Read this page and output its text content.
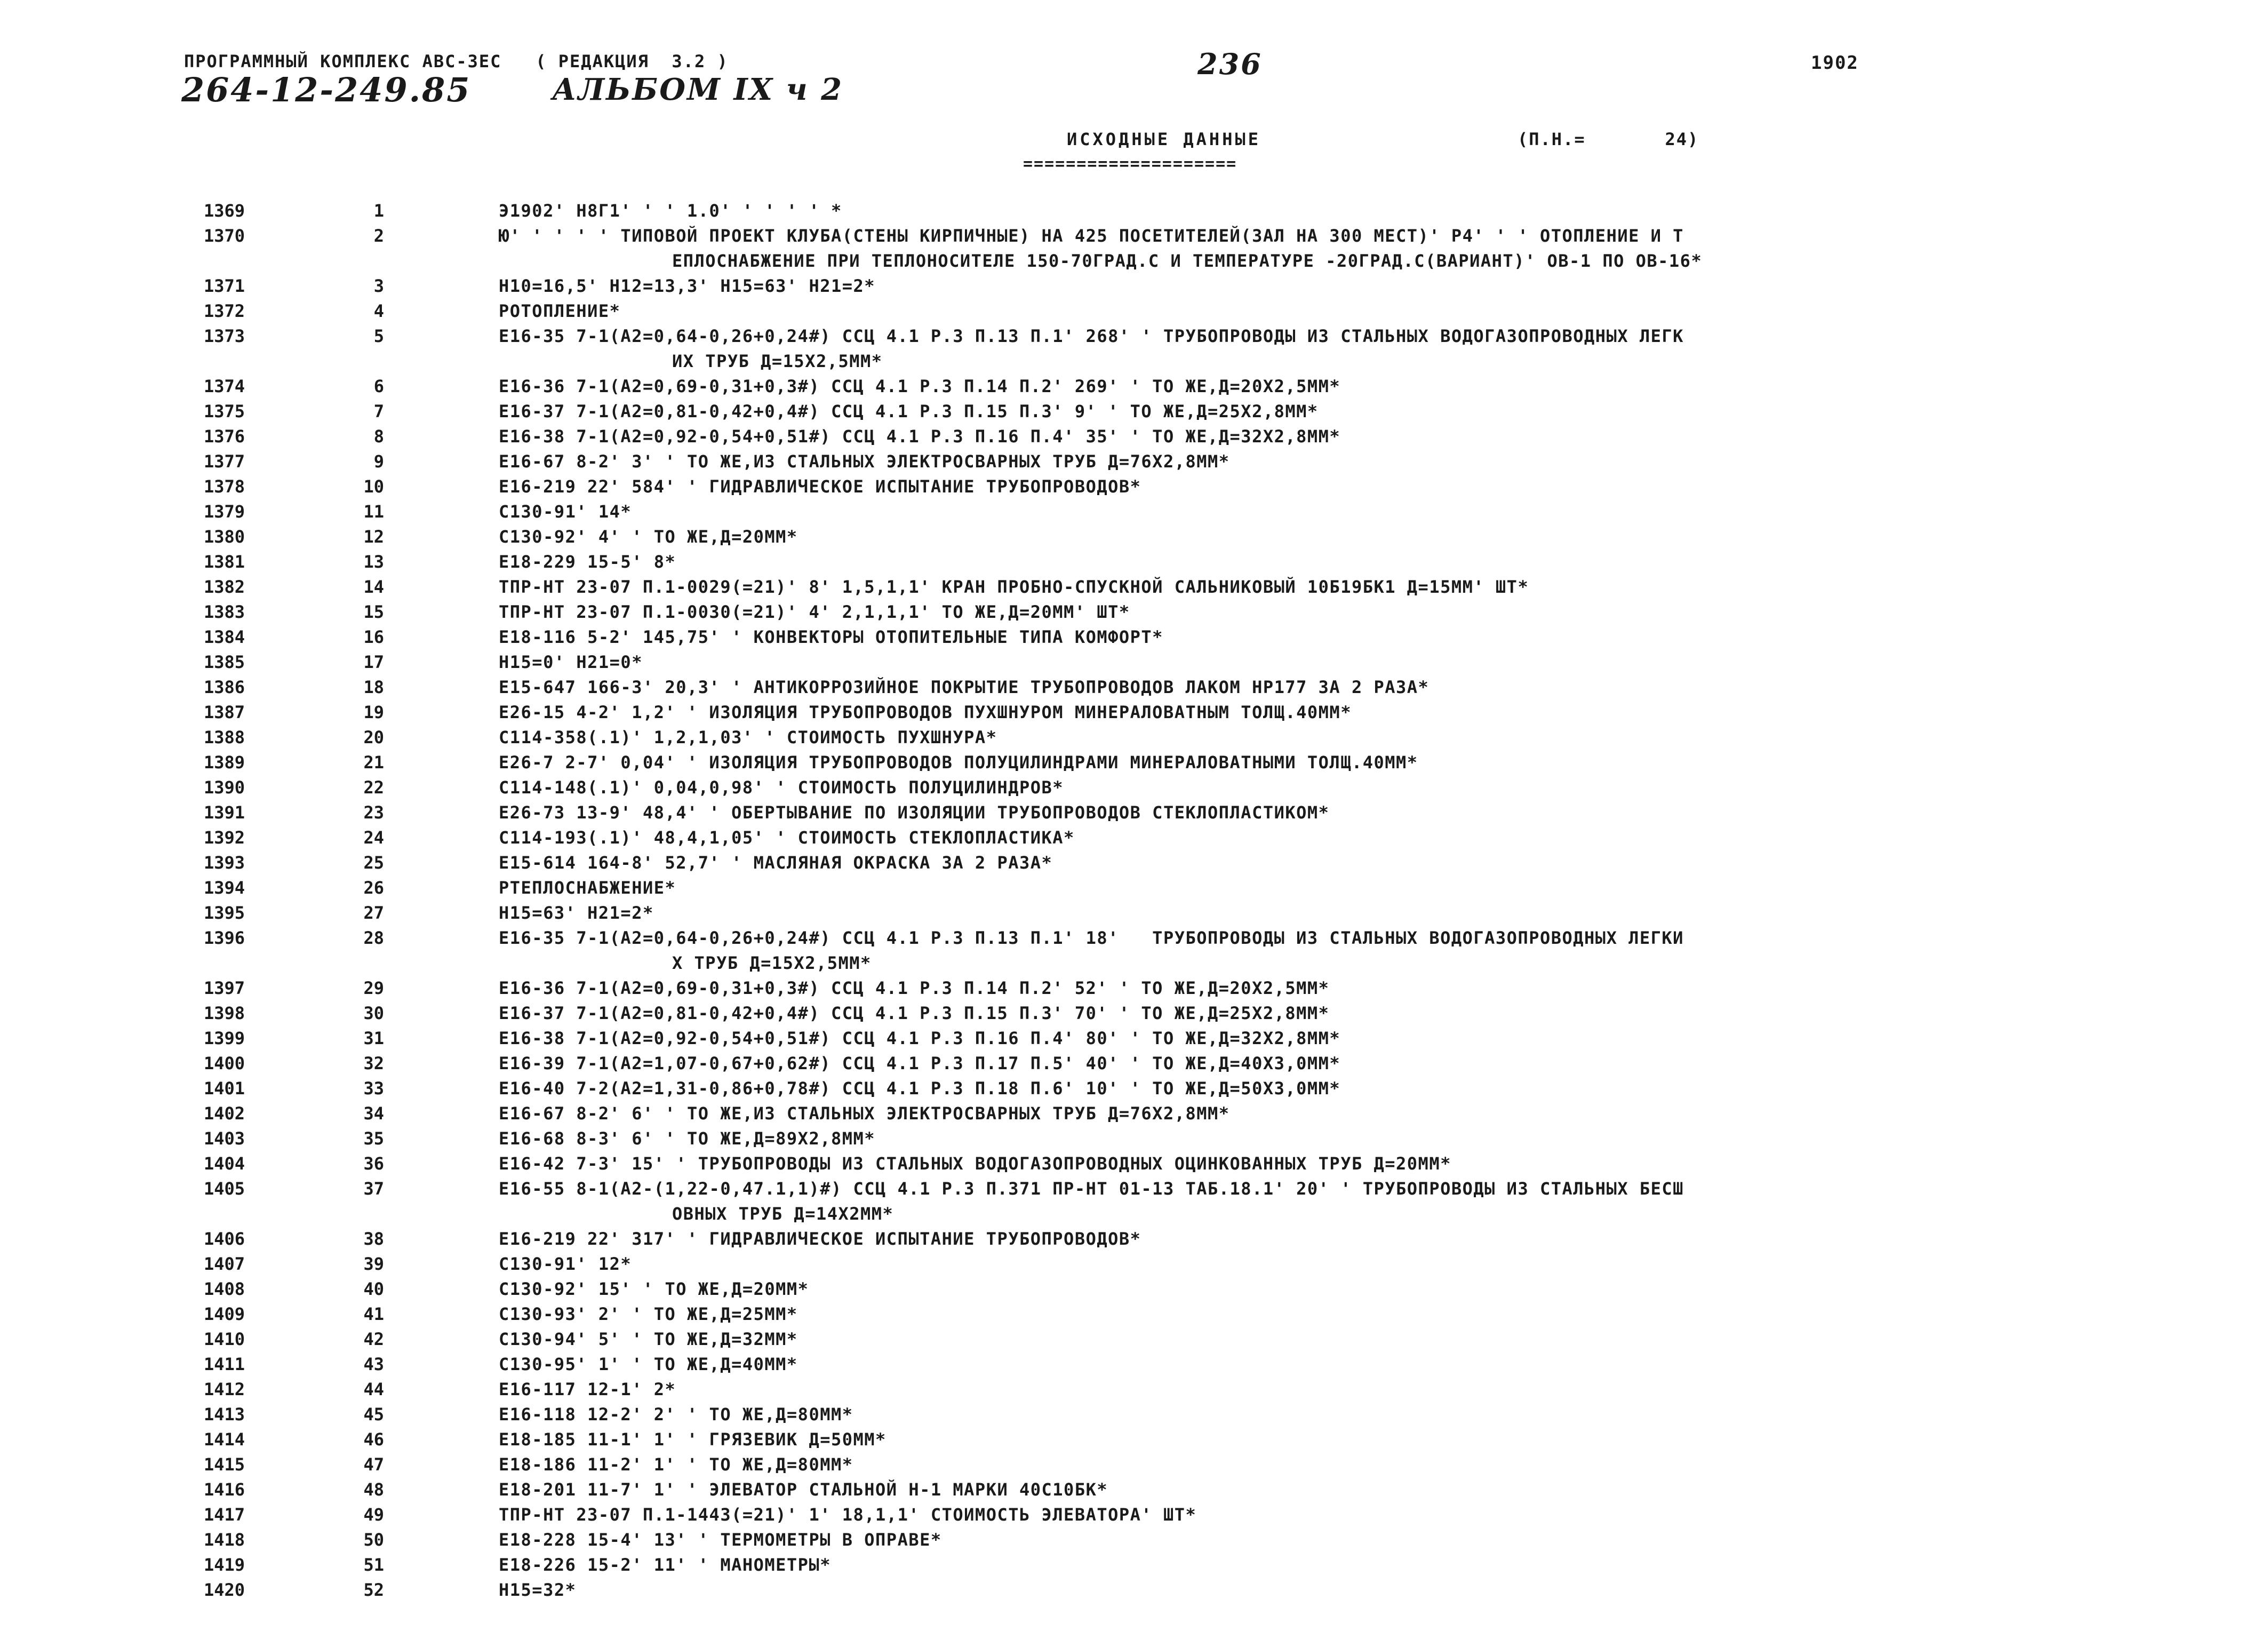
ПРОГРАММНЫЙ КОМПЛЕКС АВС-3ЕС   ( РЕДАКЦИЯ  3.2 )
264-12-249.85	АЛЬБОМ IX ч 2
236	1902
ИСХОДНЫЕ ДАННЫЕ
====================
(П.Н.=       24)
1369	1	Э1902' Н8Г1' ' ' 1.0' ' ' ' ' *
1370	2	Ю' ' ' ' ' ТИПОВОЙ ПРОЕКТ КЛУБА(СТЕНЫ КИРПИЧНЫЕ) НА 425 ПОСЕТИТЕЛЕЙ(ЗАЛ НА 300 МЕСТ)' Р4' ' ' ОТОПЛЕНИЕ И Т
ЕПЛОСНАБЖЕНИЕ ПРИ ТЕПЛОНОСИТЕЛЕ 150-70ГРАД.С И ТЕМПЕРАТУРЕ -20ГРАД.С(ВАРИАНТ)' ОВ-1 ПО ОВ-16*
1371	3	Н10=16,5' Н12=13,3' Н15=63' Н21=2*
1372	4	РОТОПЛЕНИЕ*
1373	5	Е16-35 7-1(А2=0,64-0,26+0,24#) ССЦ 4.1 Р.3 П.13 П.1' 268' ' ТРУБОПРОВОДЫ ИЗ СТАЛЬНЫХ ВОДОГАЗОПРОВОДНЫХ ЛЕГК
ИХ ТРУБ Д=15Х2,5ММ*
1374	6	Е16-36 7-1(А2=0,69-0,31+0,3#) ССЦ 4.1 Р.3 П.14 П.2' 269' ' ТО ЖЕ,Д=20Х2,5ММ*
1375	7	Е16-37 7-1(А2=0,81-0,42+0,4#) ССЦ 4.1 Р.3 П.15 П.3' 9' ' ТО ЖЕ,Д=25Х2,8ММ*
1376	8	Е16-38 7-1(А2=0,92-0,54+0,51#) ССЦ 4.1 Р.3 П.16 П.4' 35' ' ТО ЖЕ,Д=32Х2,8ММ*
1377	9	Е16-67 8-2' 3' ' ТО ЖЕ,ИЗ СТАЛЬНЫХ ЭЛЕКТРОСВАРНЫХ ТРУБ Д=76Х2,8ММ*
1378	10	Е16-219 22' 584' ' ГИДРАВЛИЧЕСКОЕ ИСПЫТАНИЕ ТРУБОПРОВОДОВ*
1379	11	С130-91' 14*
1380	12	С130-92' 4' ' ТО ЖЕ,Д=20ММ*
1381	13	Е18-229 15-5' 8*
1382	14	ТПР-НТ 23-07 П.1-0029(=21)' 8' 1,5,1,1' КРАН ПРОБНО-СПУСКНОЙ САЛЬНИКОВЫЙ 10Б19БК1 Д=15ММ' ШТ*
1383	15	ТПР-НТ 23-07 П.1-0030(=21)' 4' 2,1,1,1' ТО ЖЕ,Д=20ММ' ШТ*
1384	16	Е18-116 5-2' 145,75' ' КОНВЕКТОРЫ ОТОПИТЕЛЬНЫЕ ТИПА КОМФОРТ*
1385	17	Н15=0' Н21=0*
1386	18	Е15-647 166-3' 20,3' ' АНТИКОРРОЗИЙНОЕ ПОКРЫТИЕ ТРУБОПРОВОДОВ ЛАКОМ НР177 ЗА 2 РАЗА*
1387	19	Е26-15 4-2' 1,2' ' ИЗОЛЯЦИЯ ТРУБОПРОВОДОВ ПУХШНУРОМ МИНЕРАЛОВАТНЫМ ТОЛЩ.40ММ*
1388	20	С114-358(.1)' 1,2,1,03' ' СТОИМОСТЬ ПУХШНУРА*
1389	21	Е26-7 2-7' 0,04' ' ИЗОЛЯЦИЯ ТРУБОПРОВОДОВ ПОЛУЦИЛИНДРАМИ МИНЕРАЛОВАТНЫМИ ТОЛЩ.40ММ*
1390	22	С114-148(.1)' 0,04,0,98' ' СТОИМОСТЬ ПОЛУЦИЛИНДРОВ*
1391	23	Е26-73 13-9' 48,4' ' ОБЕРТЫВАНИЕ ПО ИЗОЛЯЦИИ ТРУБОПРОВОДОВ СТЕКЛОПЛАСТИКОМ*
1392	24	С114-193(.1)' 48,4,1,05' ' СТОИМОСТЬ СТЕКЛОПЛАСТИКА*
1393	25	Е15-614 164-8' 52,7' ' МАСЛЯНАЯ ОКРАСКА ЗА 2 РАЗА*
1394	26	РТЕПЛОСНАБЖЕНИЕ*
1395	27	Н15=63' Н21=2*
1396	28	Е16-35 7-1(А2=0,64-0,26+0,24#) ССЦ 4.1 Р.3 П.13 П.1' 18'   ТРУБОПРОВОДЫ ИЗ СТАЛЬНЫХ ВОДОГАЗОПРОВОДНЫХ ЛЕГКИ
Х ТРУБ Д=15Х2,5ММ*
1397	29	Е16-36 7-1(А2=0,69-0,31+0,3#) ССЦ 4.1 Р.3 П.14 П.2' 52' ' ТО ЖЕ,Д=20Х2,5ММ*
1398	30	Е16-37 7-1(А2=0,81-0,42+0,4#) ССЦ 4.1 Р.3 П.15 П.3' 70' ' ТО ЖЕ,Д=25Х2,8ММ*
1399	31	Е16-38 7-1(А2=0,92-0,54+0,51#) ССЦ 4.1 Р.3 П.16 П.4' 80' ' ТО ЖЕ,Д=32Х2,8ММ*
1400	32	Е16-39 7-1(А2=1,07-0,67+0,62#) ССЦ 4.1 Р.3 П.17 П.5' 40' ' ТО ЖЕ,Д=40Х3,0ММ*
1401	33	Е16-40 7-2(А2=1,31-0,86+0,78#) ССЦ 4.1 Р.3 П.18 П.6' 10' ' ТО ЖЕ,Д=50Х3,0ММ*
1402	34	Е16-67 8-2' 6' ' ТО ЖЕ,ИЗ СТАЛЬНЫХ ЭЛЕКТРОСВАРНЫХ ТРУБ Д=76Х2,8ММ*
1403	35	Е16-68 8-3' 6' ' ТО ЖЕ,Д=89Х2,8ММ*
1404	36	Е16-42 7-3' 15' ' ТРУБОПРОВОДЫ ИЗ СТАЛЬНЫХ ВОДОГАЗОПРОВОДНЫХ ОЦИНКОВАННЫХ ТРУБ Д=20ММ*
1405	37	Е16-55 8-1(А2-(1,22-0,47.1,1)#) ССЦ 4.1 Р.3 П.371 ПР-НТ 01-13 ТАБ.18.1' 20' ' ТРУБОПРОВОДЫ ИЗ СТАЛЬНЫХ БЕСШ
ОВНЫХ ТРУБ Д=14Х2ММ*
1406	38	Е16-219 22' 317' ' ГИДРАВЛИЧЕСКОЕ ИСПЫТАНИЕ ТРУБОПРОВОДОВ*
1407	39	С130-91' 12*
1408	40	С130-92' 15' ' ТО ЖЕ,Д=20ММ*
1409	41	С130-93' 2' ' ТО ЖЕ,Д=25ММ*
1410	42	С130-94' 5' ' ТО ЖЕ,Д=32ММ*
1411	43	С130-95' 1' ' ТО ЖЕ,Д=40ММ*
1412	44	Е16-117 12-1' 2*
1413	45	Е16-118 12-2' 2' ' ТО ЖЕ,Д=80ММ*
1414	46	Е18-185 11-1' 1' ' ГРЯЗЕВИК Д=50ММ*
1415	47	Е18-186 11-2' 1' ' ТО ЖЕ,Д=80ММ*
1416	48	Е18-201 11-7' 1' ' ЭЛЕВАТОР СТАЛЬНОЙ Н-1 МАРКИ 40С10БК*
1417	49	ТПР-НТ 23-07 П.1-1443(=21)' 1' 18,1,1' СТОИМОСТЬ ЭЛЕВАТОРА' ШТ*
1418	50	Е18-228 15-4' 13' ' ТЕРМОМЕТРЫ В ОПРАВЕ*
1419	51	Е18-226 15-2' 11' ' МАНОМЕТРЫ*
1420	52	Н15=32*
